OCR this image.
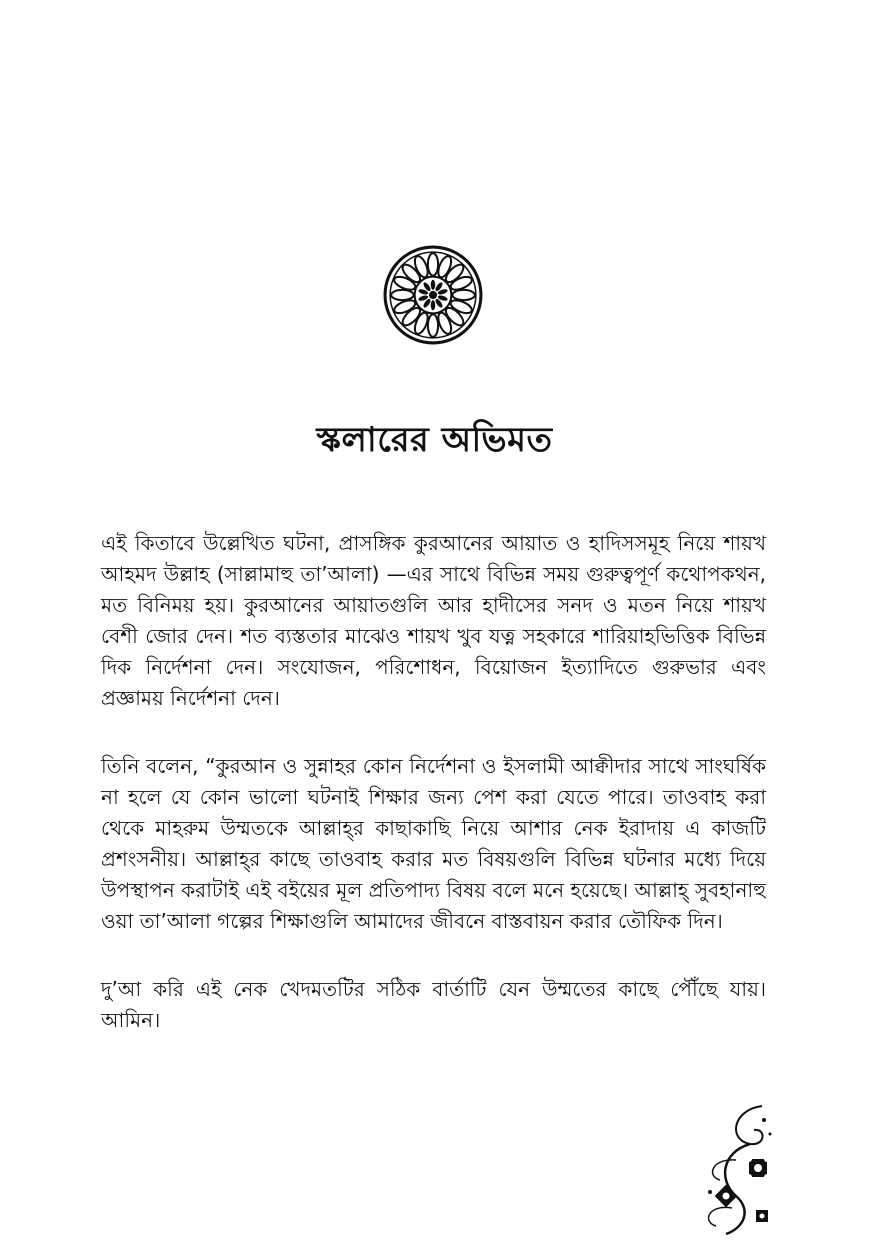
স্কলারের অভিমত

এই কিতাবে উল্লেখিত ঘটনা, প্রাসঙ্গিক কুরআনের আয়াত ও হাদিসসমূহ নিয়ে শায়খ আহমদ উল্লাহ (সাল্লামাহু তা’আলা) —এর সাথে বিভিন্ন সময় গুরুত্বপূর্ণ কথোপকথন, মত বিনিময় হয়। কুরআনের আয়াতগুলি আর হাদীসের সনদ ও মতন নিয়ে শায়খ বেশী জোর দেন। শত ব্যস্ততার মাঝেও শায়খ খুব যত্ন সহকারে শারিয়াহভিত্তিক বিভিন্ন দিক নির্দেশনা দেন। সংযোজন, পরিশোধন, বিয়োজন ইত্যাদিতে গুরুভার এবং প্রজ্ঞাময় নির্দেশনা দেন।

তিনি বলেন, “কুরআন ও সুন্নাহর কোন নির্দেশনা ও ইসলামী আক্বীদার সাথে সাংঘর্ষিক না হলে যে কোন ভালো ঘটনাই শিক্ষার জন্য পেশ করা যেতে পারে। তাওবাহ করা থেকে মাহরুম উম্মতকে আল্লাহ্‌র কাছাকাছি নিয়ে আশার নেক ইরাদায় এ কাজটি প্রশংসনীয়। আল্লাহ্‌র কাছে তাওবাহ করার মত বিষয়গুলি বিভিন্ন ঘটনার মধ্যে দিয়ে উপস্থাপন করাটাই এই বইয়ের মূল প্রতিপাদ্য বিষয় বলে মনে হয়েছে। আল্লাহ্‌ সুবহানাহু ওয়া তা’আলা গল্পের শিক্ষাগুলি আমাদের জীবনে বাস্তবায়ন করার তৌফিক দিন।

দু’আ করি এই নেক খেদমতটির সঠিক বার্তাটি যেন উম্মতের কাছে পৌঁছে যায়। আমিন।
